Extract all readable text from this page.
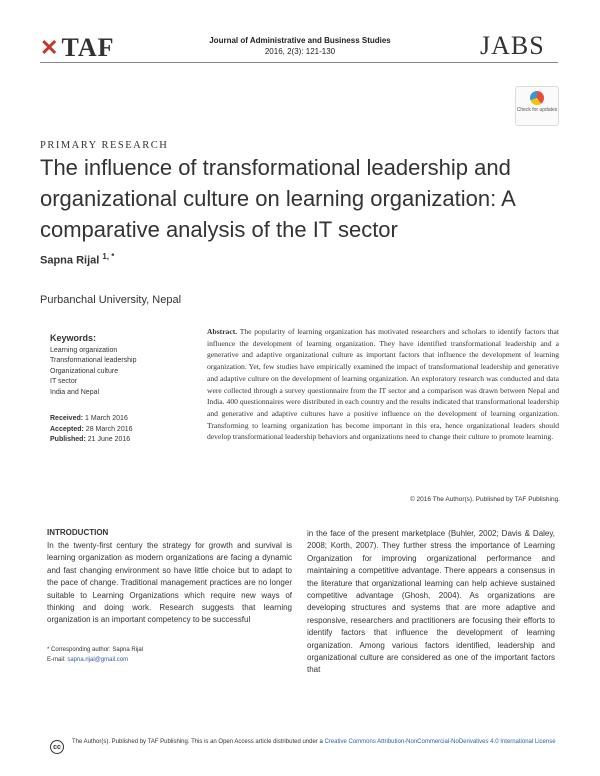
✕ TAF	Journal of Administrative and Business Studies
2016, 2(3): 121-130	JABS
Check for updates
PRIMARY RESEARCH
The influence of transformational leadership and organizational culture on learning organization: A comparative analysis of the IT sector
Sapna Rijal $^{1, *}$
Purbanchal University, Nepal
Keywords:
Learning organization
Transformational leadership
Organizational culture
IT sector
India and Nepal
Received: 1 March 2016
Accepted: 28 March 2016
Published: 21 June 2016
Abstract. The popularity of learning organization has motivated researchers and scholars to identify factors that influence the development of learning organization. They have identified transformational leadership and a generative and adaptive organizational culture as important factors that influence the development of learning organization. Yet, few studies have empirically examined the impact of transformational leadership and generative and adaptive culture on the development of learning organization. An exploratory research was conducted and data were collected through a survey questionnaire from the IT sector and a comparison was drawn between Nepal and India. 400 questionnaires were distributed in each country and the results indicated that transformational leadership and generative and adaptive cultures have a positive influence on the development of learning organization. Transforming to learning organization has become important in this era, hence organizational leaders should develop transformational leadership behaviors and organizations need to change their culture to promote learning.
© 2016 The Author(s). Published by TAF Publishing.
INTRODUCTION
In the twenty-first century the strategy for growth and survival is learning organization as modern organizations are facing a dynamic and fast changing environment so have little choice but to adapt to the pace of change. Traditional management practices are no longer suitable to Learning Organizations which require new ways of thinking and doing work. Research suggests that learning organization is an important competency to be successful
in the face of the present marketplace (Buhler, 2002; Davis & Daley, 2008; Korth, 2007). They further stress the importance of Learning Organization for improving organizational performance and maintaining a competitive advantage. There appears a consensus in the literature that organizational learning can help achieve sustained competitive advantage (Ghosh, 2004). As organizations are developing structures and systems that are more adaptive and responsive, researchers and practitioners are focusing their efforts to identify factors that influence the development of learning organization. Among various factors identified, leadership and organizational culture are considered as one of the important factors that
* Corresponding author: Sapna Rijal
E-mail: sapna.rijal@gmail.com
cc
The Author(s). Published by TAF Publishing. This is an Open Access article distributed under a Creative Commons Attribution-NonCommercial-NoDerivatives 4.0 International License
